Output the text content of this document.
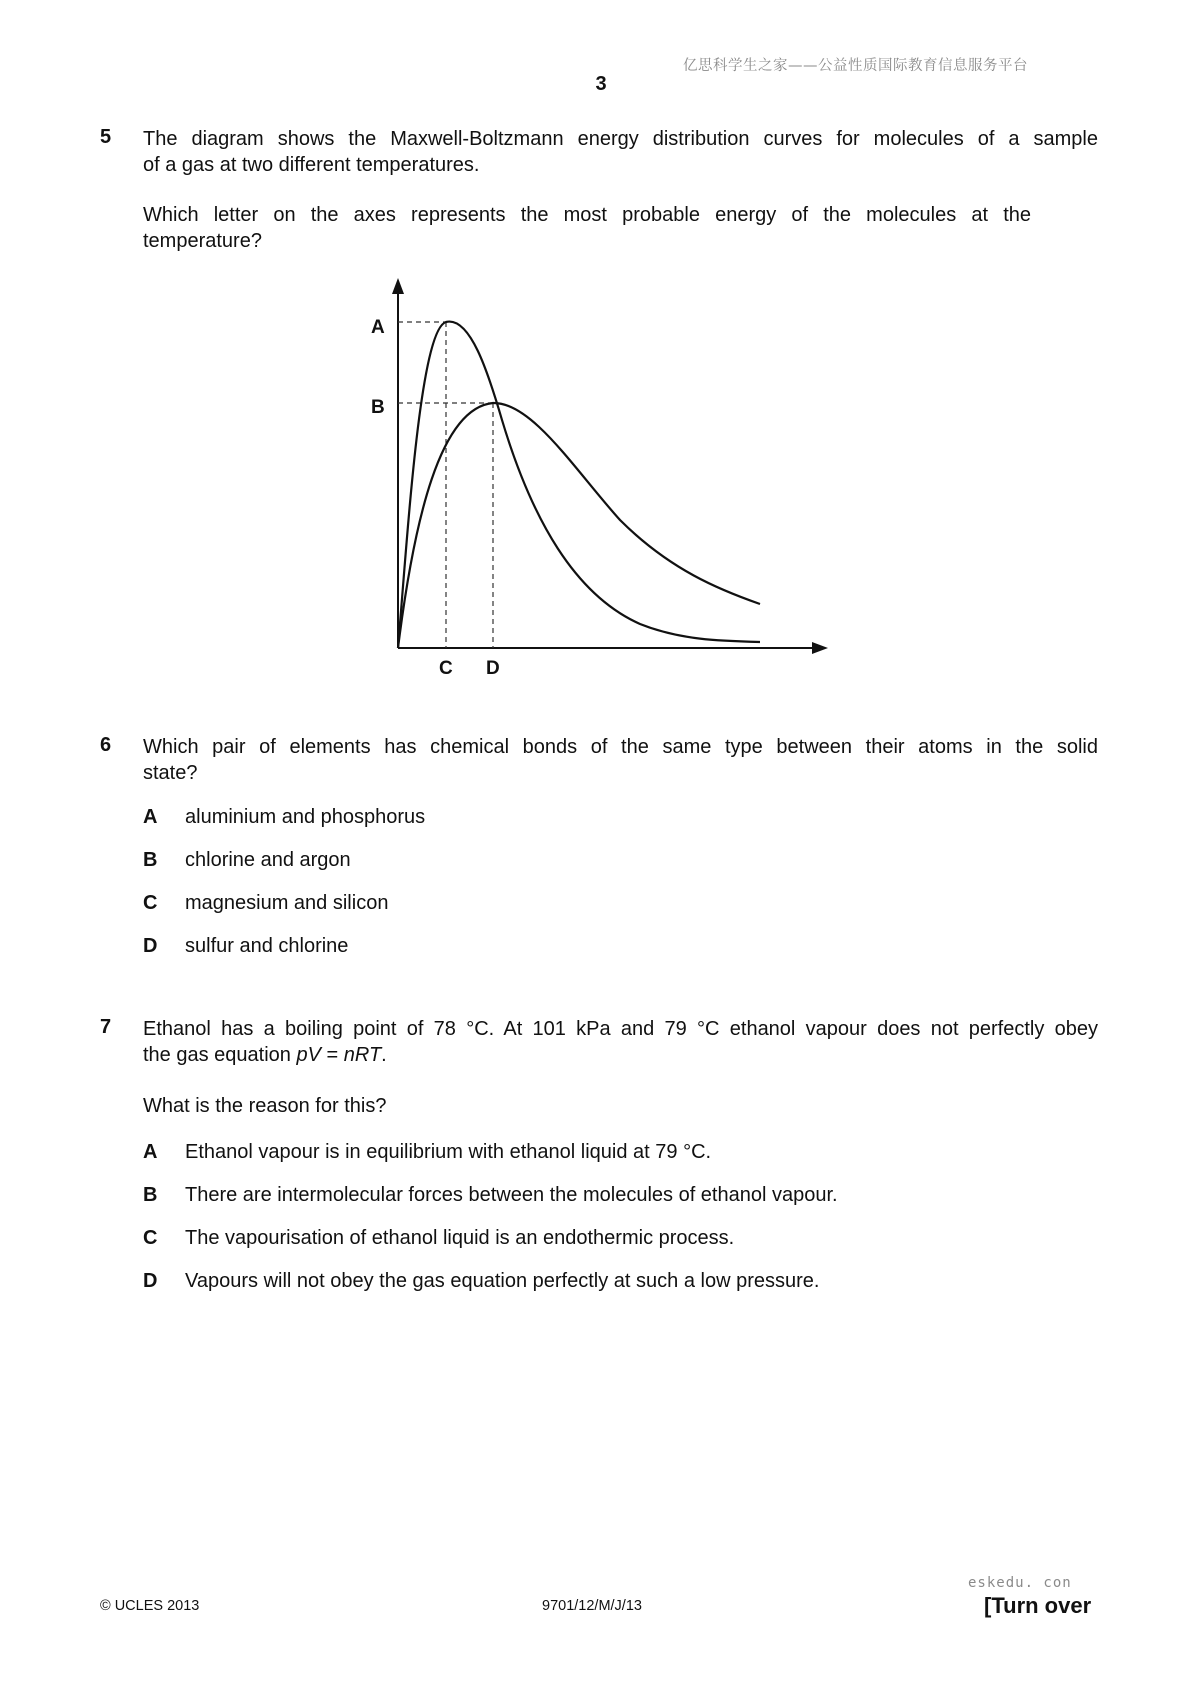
亿思科学生之家——公益性质国际教育信息服务平台
3
5 The diagram shows the Maxwell-Boltzmann energy distribution curves for molecules of a sample
of a gas at two different temperatures.
Which letter on the axes represents the most probable energy of the molecules at the
temperature?
A
B
C D
6 Which pair of elements has chemical bonds of the same type between their atoms in the solid
state?
A aluminium and phosphorus
B chlorine and argon
C magnesium and silicon
D sulfur and chlorine
7 Ethanol has a boiling point of 78 °C. At 101 kPa and 79 °C ethanol vapour does not perfectly obey
the gas equation pV = nRT.
What is the reason for this?
A Ethanol vapour is in equilibrium with ethanol liquid at 79 °C.
B There are intermolecular forces between the molecules of ethanol vapour.
C The vapourisation of ethanol liquid is an endothermic process.
D Vapours will not obey the gas equation perfectly at such a low pressure.
eskedu. con
© UCLES 2013	9701/12/M/J/13	[Turn over
